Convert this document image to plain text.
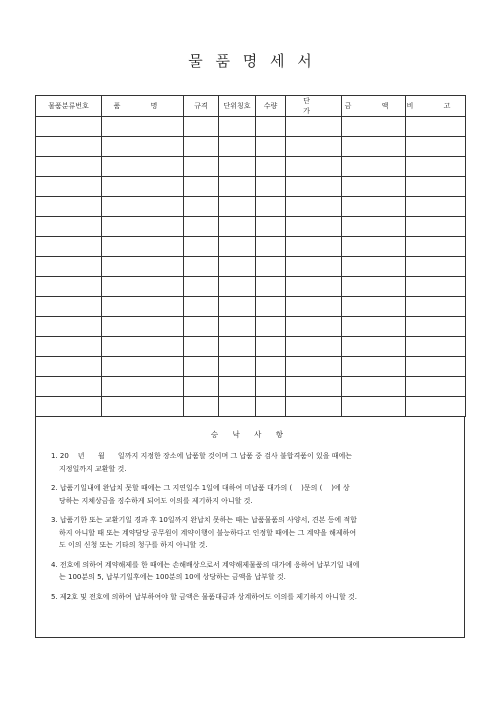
물 품 명 세 서
물품분류번호	품 명	규격	단위칭호	수량	단 가	금 액	비 고

승 낙 사 항
1. 20    년      월      일까지 지정한 장소에 납품할 것이며 그 납품 중 검사 불합격품이 있을 때에는
지정일까지 교환할 것.
2. 납품기일내에 완납치 못할 때에는 그 지연일수 1일에 대하여 미납품 대가의 (    )문의 (    )에 상
당하는 지체상금을 징수하게 되어도 이의를 제기하지 아니할 것.
3. 납품기한 또는 교환기일 경과 후 10일까지 완납치 못하는 때는 납품물품의 사양서, 견본 등에 적합
하지 아니할 때 또는 계약담당 공무원이 계약이행이 불능하다고 인정할 때에는 그 계약을 해제하여
도 이의 신청 또는 기타의 청구를 하지 아니할 것.
4. 전호에 의하여 계약해제를 한 때에는 손해배상으로서 계약해제물품의 대가에 응하여 납부기일 내에
는 100분의 5, 납부기일후에는 100분의 10에 상당하는 금액을 납부할 것.
5. 제2호 및 전호에 의하여 납부하여야 할 금액은 물품대금과 상계하여도 이의를 제기하지 아니할 것.
